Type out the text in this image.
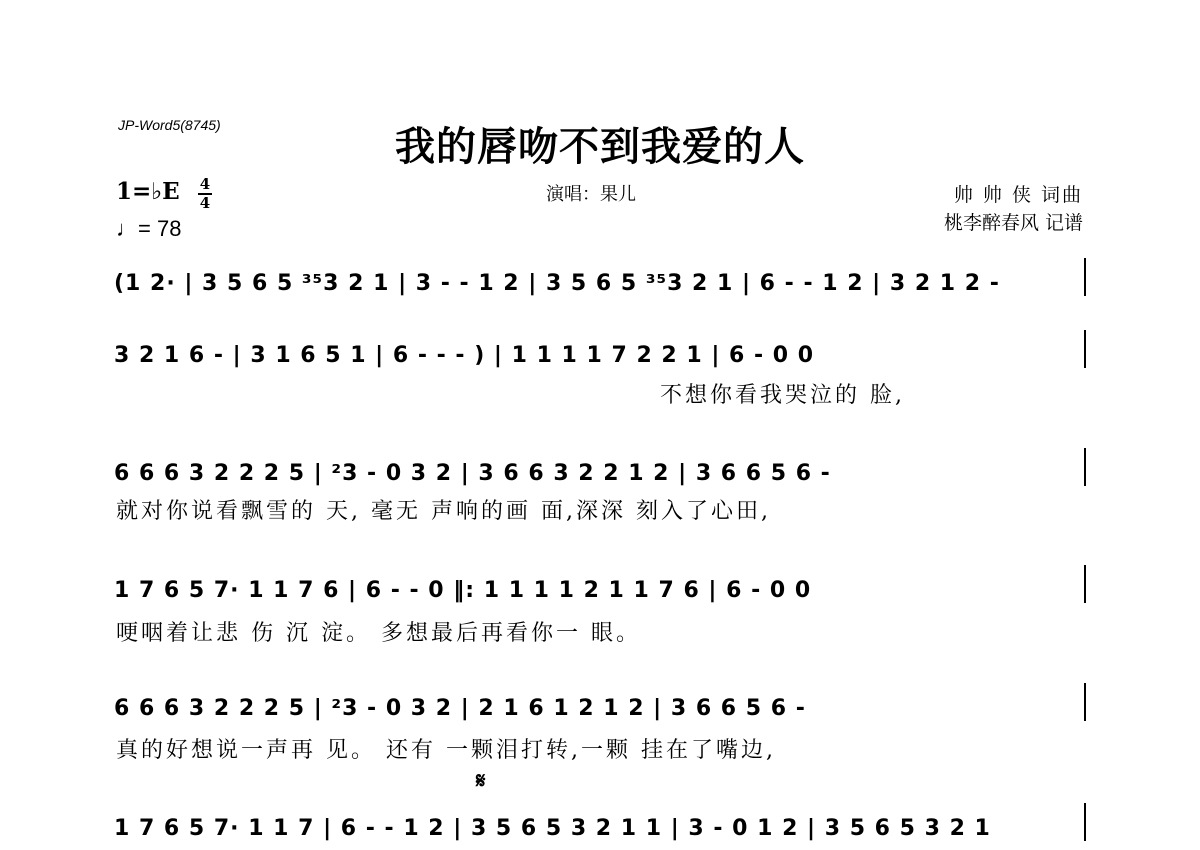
JP-Word5(8745)	我的唇吻不到我爱的人
1=♭E 4
4
♩= 78
演唱：果儿	帅 帅 侠 词曲
桃李醉春风 记谱
(1 2· | 3 5 6 5 ³⁵3 2 1 | 3 - - 1 2 | 3 5 6 5 ³⁵3 2 1 | 6 - - 1 2 | 3 2 1 2 -
3 2 1 6 - | 3 1 6 5 1 | 6 - - - ) | 1 1 1 1 7 2 2 1 | 6 - 0 0
不想你看我哭泣的 脸,
6 6 6 3 2 2 2 5 | ²3 - 0 3 2 | 3 6 6 3 2 2 1 2 | 3 6 6 5 6 -
就对你说看飘雪的 天, 毫无 声响的画 面,深深 刻入了心田,
1 7 6 5 7· 1 1 7 6 | 6 - - 0 ‖: 1 1 1 1 2 1 1 7 6 | 6 - 0 0
哽咽着让悲 伤 沉 淀。 多想最后再看你一 眼。
6 6 6 3 2 2 2 5 | ²3 - 0 3 2 | 2 1 6 1 2 1 2 | 3 6 6 5 6 -
真的好想说一声再 见。 还有 一颗泪打转,一颗 挂在了嘴边,
𝄋
1 7 6 5 7· 1 1 7 | 6 - - 1 2 | 3 5 6 5 3 2 1 1 | 3 - 0 1 2 | 3 5 6 5 3 2 1
